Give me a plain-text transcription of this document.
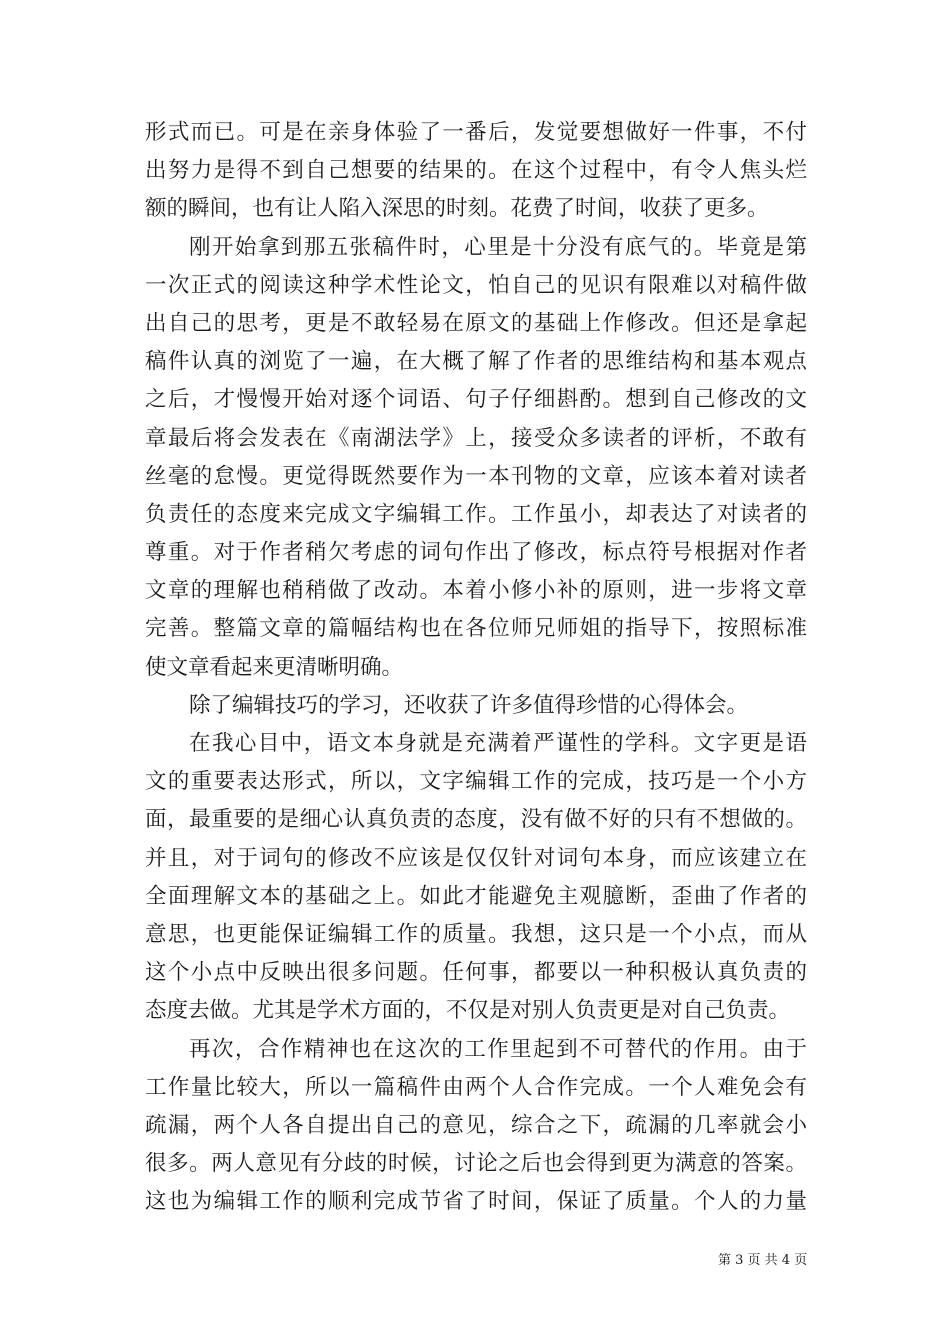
形式而已。可是在亲身体验了一番后，发觉要想做好一件事，不付
出努力是得不到自己想要的结果的。在这个过程中，有令人焦头烂
额的瞬间，也有让人陷入深思的时刻。花费了时间，收获了更多。
刚开始拿到那五张稿件时，心里是十分没有底气的。毕竟是第
一次正式的阅读这种学术性论文，怕自己的见识有限难以对稿件做
出自己的思考，更是不敢轻易在原文的基础上作修改。但还是拿起
稿件认真的浏览了一遍，在大概了解了作者的思维结构和基本观点
之后，才慢慢开始对逐个词语、句子仔细斟酌。想到自己修改的文
章最后将会发表在《南湖法学》上，接受众多读者的评析，不敢有
丝毫的怠慢。更觉得既然要作为一本刊物的文章，应该本着对读者
负责任的态度来完成文字编辑工作。工作虽小，却表达了对读者的
尊重。对于作者稍欠考虑的词句作出了修改，标点符号根据对作者
文章的理解也稍稍做了改动。本着小修小补的原则，进一步将文章
完善。整篇文章的篇幅结构也在各位师兄师姐的指导下，按照标准
使文章看起来更清晰明确。
除了编辑技巧的学习，还收获了许多值得珍惜的心得体会。
在我心目中，语文本身就是充满着严谨性的学科。文字更是语
文的重要表达形式，所以，文字编辑工作的完成，技巧是一个小方
面，最重要的是细心认真负责的态度，没有做不好的只有不想做的。
并且，对于词句的修改不应该是仅仅针对词句本身，而应该建立在
全面理解文本的基础之上。如此才能避免主观臆断，歪曲了作者的
意思，也更能保证编辑工作的质量。我想，这只是一个小点，而从
这个小点中反映出很多问题。任何事，都要以一种积极认真负责的
态度去做。尤其是学术方面的，不仅是对别人负责更是对自己负责。
再次，合作精神也在这次的工作里起到不可替代的作用。由于
工作量比较大，所以一篇稿件由两个人合作完成。一个人难免会有
疏漏，两个人各自提出自己的意见，综合之下，疏漏的几率就会小
很多。两人意见有分歧的时候，讨论之后也会得到更为满意的答案。
这也为编辑工作的顺利完成节省了时间，保证了质量。个人的力量
第 3 页 共 4 页
